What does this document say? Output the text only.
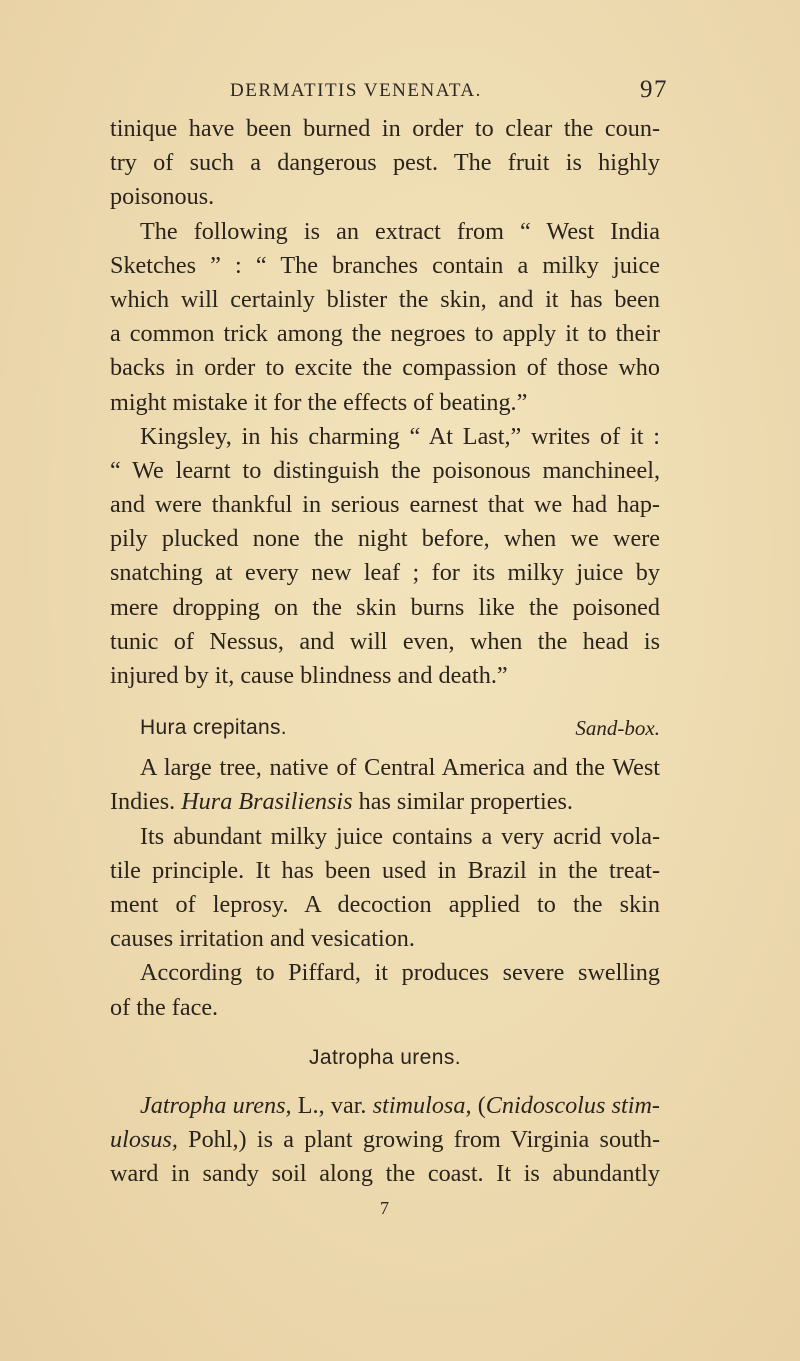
DERMATITIS VENENATA.	97
tinique have been burned in order to clear the coun-
try of such a dangerous pest. The fruit is highly
poisonous.
The following is an extract from “ West India
Sketches ” : “ The branches contain a milky juice
which will certainly blister the skin, and it has been
a common trick among the negroes to apply it to their
backs in order to excite the compassion of those who
might mistake it for the effects of beating.”
Kingsley, in his charming “ At Last,” writes of it :
“ We learnt to distinguish the poisonous manchineel,
and were thankful in serious earnest that we had hap-
pily plucked none the night before, when we were
snatching at every new leaf ; for its milky juice by
mere dropping on the skin burns like the poisoned
tunic of Nessus, and will even, when the head is
injured by it, cause blindness and death.”
Hura crepitans.	Sand-box.
A large tree, native of Central America and the West
Indies. Hura Brasiliensis has similar properties.
Its abundant milky juice contains a very acrid vola-
tile principle. It has been used in Brazil in the treat-
ment of leprosy. A decoction applied to the skin
causes irritation and vesication.
According to Piffard, it produces severe swelling
of the face.
Jatropha urens.
Jatropha urens, L., var. stimulosa, (Cnidoscolus stim-
ulosus, Pohl,) is a plant growing from Virginia south-
ward in sandy soil along the coast. It is abundantly
7
